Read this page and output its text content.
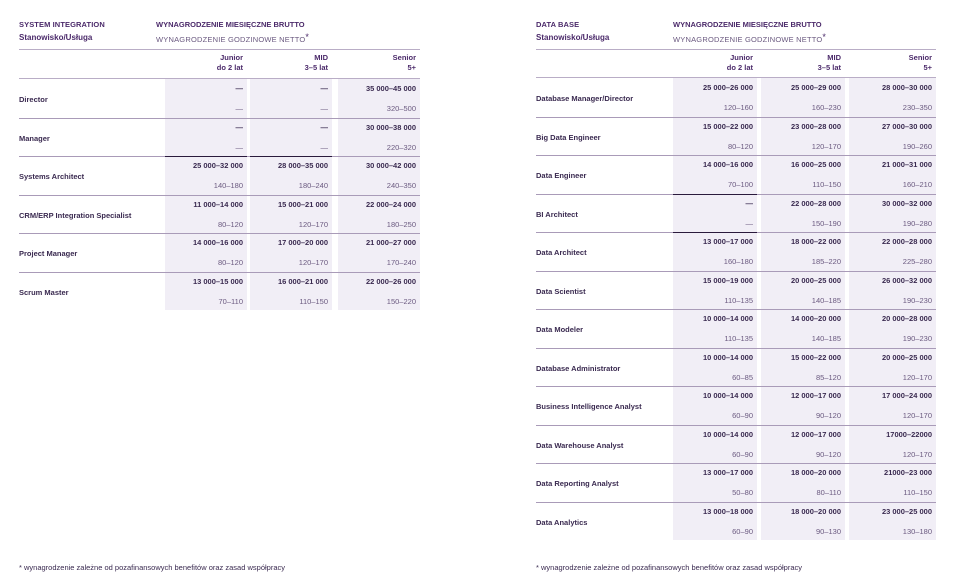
SYSTEM INTEGRATION
Stanowisko/Usługa
WYNAGRODZENIE MIESIĘCZNE BRUTTO
WYNAGRODZENIE GODZINOWE NETTO*
Junior
do 2 lat
MID
3–5 lat
Senior
5+
Director
—
—
—
—
35 000–45 000
320–500
Manager
—
—
—
—
30 000–38 000
220–320
Systems Architect
25 000–32 000
140–180
28 000–35 000
180–240
30 000–42 000
240–350
CRM/ERP Integration Specialist
11 000–14 000
80–120
15 000–21 000
120–170
22 000–24 000
180–250
Project Manager
14 000–16 000
80–120
17 000–20 000
120–170
21 000–27 000
170–240
Scrum Master
13 000–15 000
70–110
16 000–21 000
110–150
22 000–26 000
150–220
* wynagrodzenie zależne od pozafinansowych benefitów oraz zasad współpracy
DATA BASE
Stanowisko/Usługa
WYNAGRODZENIE MIESIĘCZNE BRUTTO
WYNAGRODZENIE GODZINOWE NETTO*
Junior
do 2 lat
MID
3–5 lat
Senior
5+
Database Manager/Director
25 000–26 000
120–160
25 000–29 000
160–230
28 000–30 000
230–350
Big Data Engineer
15 000–22 000
80–120
23 000–28 000
120–170
27 000–30 000
190–260
Data Engineer
14 000–16 000
70–100
16 000–25 000
110–150
21 000–31 000
160–210
BI Architect
—
—
22 000–28 000
150–190
30 000–32 000
190–280
Data Architect
13 000–17 000
160–180
18 000–22 000
185–220
22 000–28 000
225–280
Data Scientist
15 000–19 000
110–135
20 000–25 000
140–185
26 000–32 000
190–230
Data Modeler
10 000–14 000
110–135
14 000–20 000
140–185
20 000–28 000
190–230
Database Administrator
10 000–14 000
60–85
15 000–22 000
85–120
20 000–25 000
120–170
Business Intelligence Analyst
10 000–14 000
60–90
12 000–17 000
90–120
17 000–24 000
120–170
Data Warehouse Analyst
10 000–14 000
60–90
12 000–17 000
90–120
17000–22000
120–170
Data Reporting Analyst
13 000–17 000
50–80
18 000–20 000
80–110
21000–23 000
110–150
Data Analytics
13 000–18 000
60–90
18 000–20 000
90–130
23 000–25 000
130–180
* wynagrodzenie zależne od pozafinansowych benefitów oraz zasad współpracy
